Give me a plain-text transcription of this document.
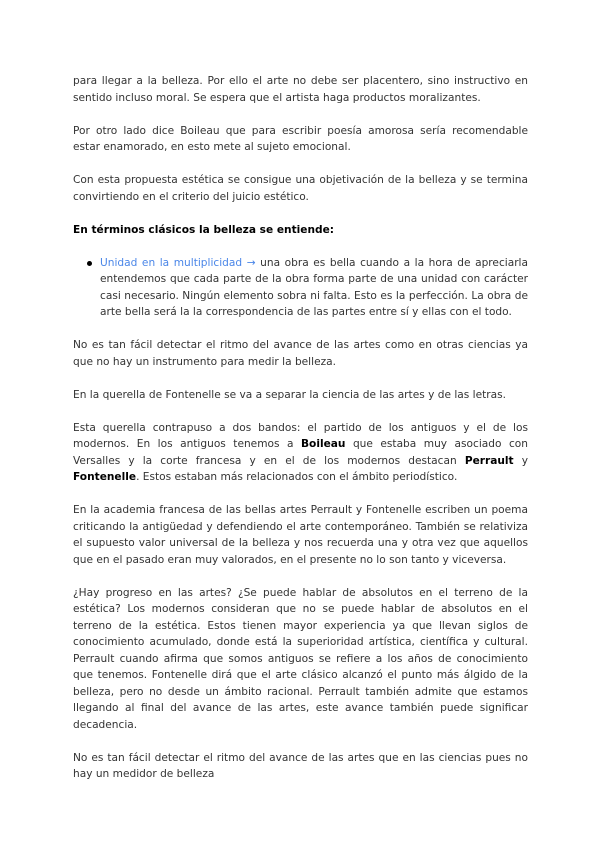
para llegar a la belleza. Por ello el arte no debe ser placentero, sino instructivo en sentido incluso moral. Se espera que el artista haga productos moralizantes.

Por otro lado dice Boileau que para escribir poesía amorosa sería recomendable estar enamorado, en esto mete al sujeto emocional.

Con esta propuesta estética se consigue una objetivación de la belleza y se termina convirtiendo en el criterio del juicio estético.

En términos clásicos la belleza se entiende:

Unidad en la multiplicidad → una obra es bella cuando a la hora de apreciarla entendemos que cada parte de la obra forma parte de una unidad con carácter casi necesario. Ningún elemento sobra ni falta. Esto es la perfección. La obra de arte bella será la la correspondencia de las partes entre sí y ellas con el todo.

No es tan fácil detectar el ritmo del avance de las artes como en otras ciencias ya que no hay un instrumento para medir la belleza.

En la querella de Fontenelle se va a separar la ciencia de las artes y de las letras.

Esta querella contrapuso a dos bandos: el partido de los antiguos y el de los modernos. En los antiguos tenemos a Boileau que estaba muy asociado con Versalles y la corte francesa y en el de los modernos destacan Perrault y Fontenelle. Estos estaban más relacionados con el ámbito periodístico.

En la academia francesa de las bellas artes Perrault y Fontenelle escriben un poema criticando la antigüedad y defendiendo el arte contemporáneo. También se relativiza el supuesto valor universal de la belleza y nos recuerda una y otra vez que aquellos que en el pasado eran muy valorados, en el presente no lo son tanto y viceversa.

¿Hay progreso en las artes? ¿Se puede hablar de absolutos en el terreno de la estética? Los modernos consideran que no se puede hablar de absolutos en el terreno de la estética. Estos tienen mayor experiencia ya que llevan siglos de conocimiento acumulado, donde está la superioridad artística, científica y cultural. Perrault cuando afirma que somos antiguos se refiere a los años de conocimiento que tenemos. Fontenelle dirá que el arte clásico alcanzó el punto más álgido de la belleza, pero no desde un ámbito racional. Perrault también admite que estamos llegando al final del avance de las artes, este avance también puede significar decadencia.

No es tan fácil detectar el ritmo del avance de las artes que en las ciencias pues no hay un medidor de belleza
